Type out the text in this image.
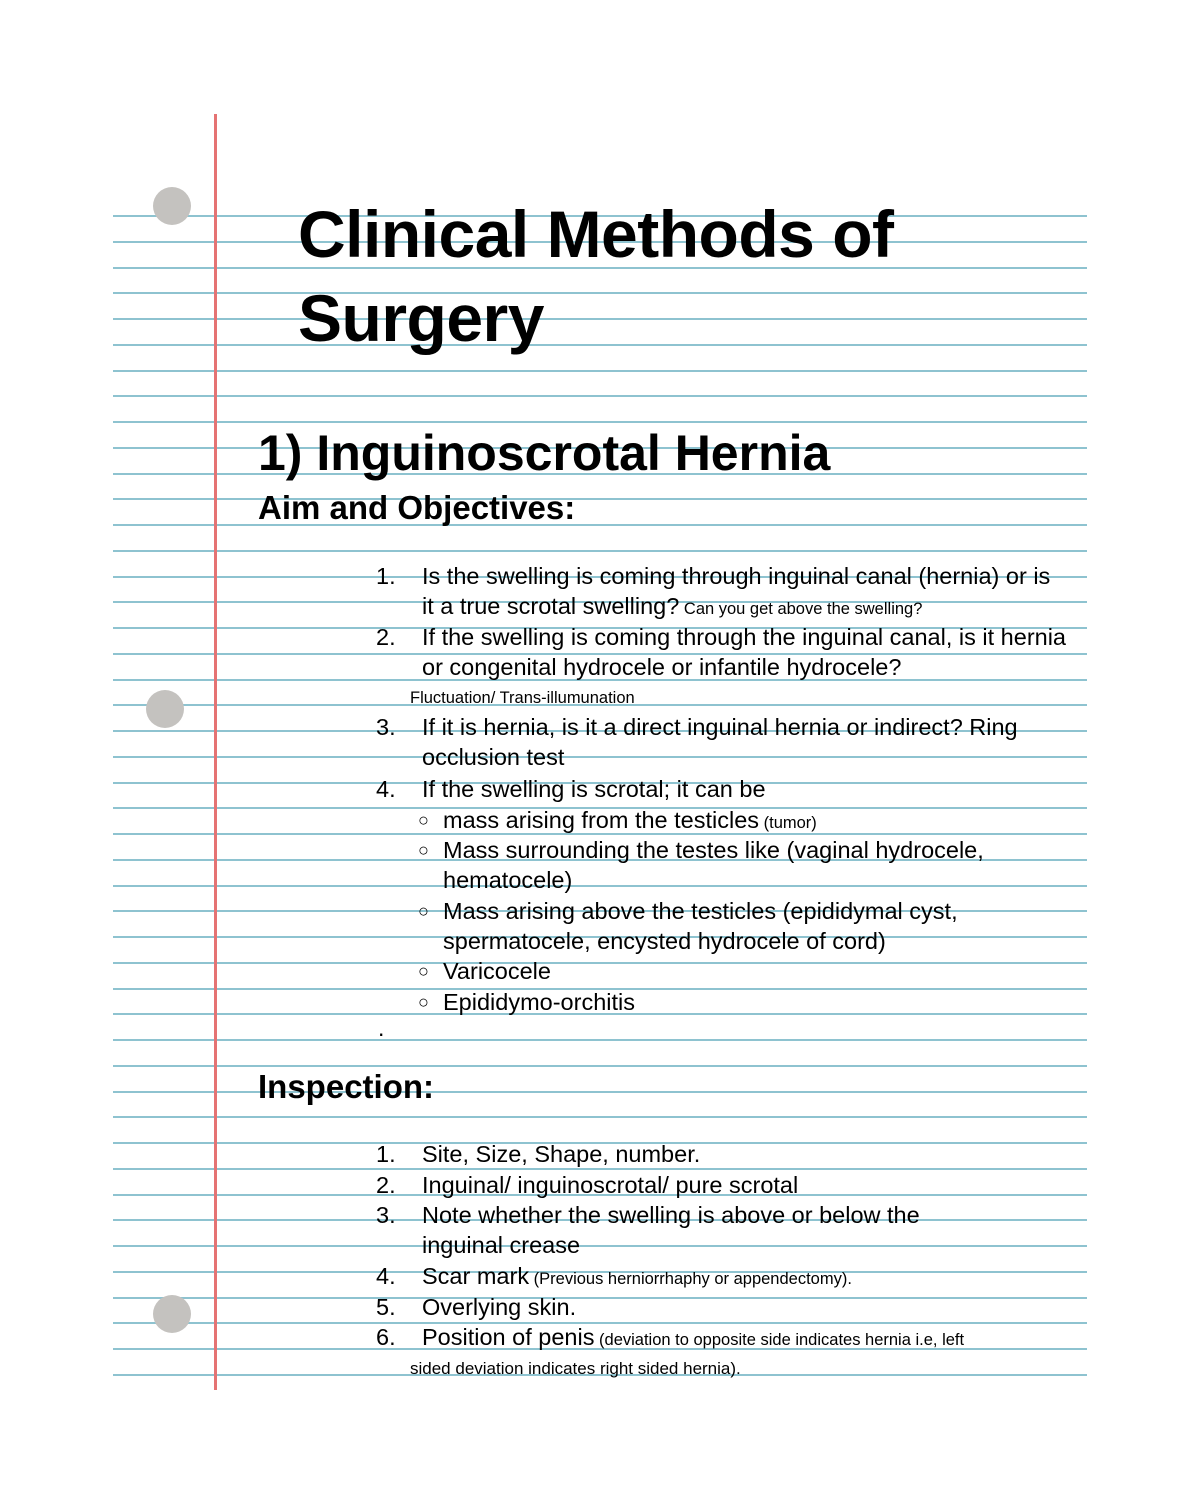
Clinical Methods of Surgery
1) Inguinoscrotal Hernia
Aim and Objectives:
1.	Is the swelling is coming through inguinal canal (hernia) or is it a true scrotal swelling? Can you get above the swelling?
2.	If the swelling is coming through the inguinal canal, is it hernia or congenital hydrocele or infantile hydrocele?
Fluctuation/ Trans-illumunation
3.	If it is hernia, is it a direct inguinal hernia or indirect? Ring occlusion test
4.	If the swelling is scrotal; it can be
○ mass arising from the testicles (tumor)
○ Mass surrounding the testes like (vaginal hydrocele, hematocele)
○ Mass arising above the testicles (epididymal cyst, spermatocele, encysted hydrocele of cord)
○ Varicocele
○ Epididymo-orchitis
.
Inspection:
1.	Site, Size, Shape, number.
2.	Inguinal/ inguinoscrotal/ pure scrotal
3.	Note whether the swelling is above or below the inguinal crease
4.	Scar mark (Previous herniorrhaphy or appendectomy).
5.	Overlying skin.
6.	Position of penis (deviation to opposite side indicates hernia i.e, left
sided deviation indicates right sided hernia).
